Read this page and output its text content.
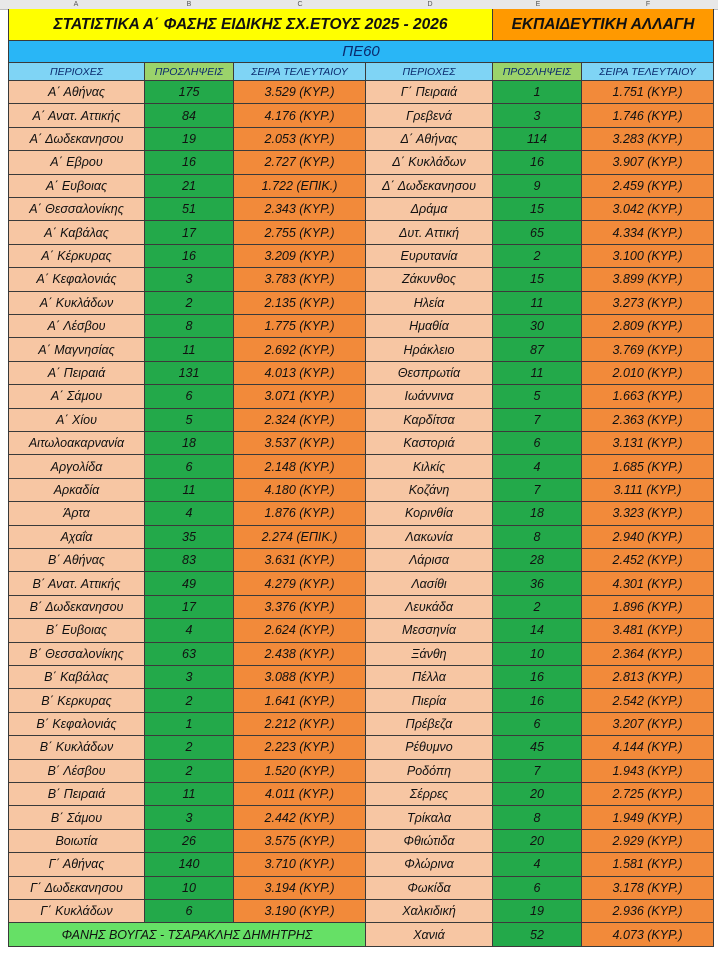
A	B	C	D	E	F
ΣΤΑΤΙΣΤΙΚΑ Α΄ ΦΑΣΗΣ ΕΙΔΙΚΗΣ ΣΧ.ΕΤΟΥΣ 2025 - 2026	ΕΚΠΑΙΔΕΥΤΙΚΗ ΑΛΛΑΓΗ
ΠΕ60
ΠΕΡΙΟΧΕΣ	ΠΡΟΣΛΗΨΕΙΣ	ΣΕΙΡΑ ΤΕΛΕΥΤΑΙΟΥ	ΠΕΡΙΟΧΕΣ	ΠΡΟΣΛΗΨΕΙΣ	ΣΕΙΡΑ ΤΕΛΕΥΤΑΙΟΥ
Α΄ Αθήνας	175	3.529 (ΚΥΡ.)	Γ΄ Πειραιά	1	1.751 (ΚΥΡ.)
Α΄ Ανατ. Αττικής	84	4.176 (ΚΥΡ.)	Γρεβενά	3	1.746 (ΚΥΡ.)
Α΄ Δωδεκανησου	19	2.053 (ΚΥΡ.)	Δ΄ Αθήνας	114	3.283 (ΚΥΡ.)
Α΄ Εβρου	16	2.727 (ΚΥΡ.)	Δ΄ Κυκλάδων	16	3.907 (ΚΥΡ.)
Α΄ Ευβοιας	21	1.722 (ΕΠΙΚ.)	Δ΄ Δωδεκανησου	9	2.459 (ΚΥΡ.)
Α΄ Θεσσαλονίκης	51	2.343 (ΚΥΡ.)	Δράμα	15	3.042 (ΚΥΡ.)
Α΄ Καβάλας	17	2.755 (ΚΥΡ.)	Δυτ. Αττική	65	4.334 (ΚΥΡ.)
Α΄ Κέρκυρας	16	3.209 (ΚΥΡ.)	Ευρυτανία	2	3.100 (ΚΥΡ.)
Α΄ Κεφαλονιάς	3	3.783 (ΚΥΡ.)	Ζάκυνθος	15	3.899 (ΚΥΡ.)
Α΄ Κυκλάδων	2	2.135 (ΚΥΡ.)	Ηλεία	11	3.273 (ΚΥΡ.)
Α΄ Λέσβου	8	1.775 (ΚΥΡ.)	Ημαθία	30	2.809 (ΚΥΡ.)
Α΄ Μαγνησίας	11	2.692 (ΚΥΡ.)	Ηράκλειο	87	3.769 (ΚΥΡ.)
Α΄ Πειραιά	131	4.013 (ΚΥΡ.)	Θεσπρωτία	11	2.010 (ΚΥΡ.)
Α΄ Σάμου	6	3.071 (ΚΥΡ.)	Ιωάννινα	5	1.663 (ΚΥΡ.)
Α΄ Χίου	5	2.324 (ΚΥΡ.)	Καρδίτσα	7	2.363 (ΚΥΡ.)
Αιτωλοακαρνανία	18	3.537 (ΚΥΡ.)	Καστοριά	6	3.131 (ΚΥΡ.)
Αργολίδα	6	2.148 (ΚΥΡ.)	Κιλκίς	4	1.685 (ΚΥΡ.)
Αρκαδία	11	4.180 (ΚΥΡ.)	Κοζάνη	7	3.111 (ΚΥΡ.)
Άρτα	4	1.876 (ΚΥΡ.)	Κορινθία	18	3.323 (ΚΥΡ.)
Αχαΐα	35	2.274 (ΕΠΙΚ.)	Λακωνία	8	2.940 (ΚΥΡ.)
Β΄ Αθήνας	83	3.631 (ΚΥΡ.)	Λάρισα	28	2.452 (ΚΥΡ.)
Β΄ Ανατ. Αττικής	49	4.279 (ΚΥΡ.)	Λασίθι	36	4.301 (ΚΥΡ.)
Β΄ Δωδεκανησου	17	3.376 (ΚΥΡ.)	Λευκάδα	2	1.896 (ΚΥΡ.)
Β΄ Ευβοιας	4	2.624 (ΚΥΡ.)	Μεσσηνία	14	3.481 (ΚΥΡ.)
Β΄ Θεσσαλονίκης	63	2.438 (ΚΥΡ.)	Ξάνθη	10	2.364 (ΚΥΡ.)
Β΄ Καβάλας	3	3.088 (ΚΥΡ.)	Πέλλα	16	2.813 (ΚΥΡ.)
Β΄ Κερκυρας	2	1.641 (ΚΥΡ.)	Πιερία	16	2.542 (ΚΥΡ.)
Β΄ Κεφαλονιάς	1	2.212 (ΚΥΡ.)	Πρέβεζα	6	3.207 (ΚΥΡ.)
Β΄ Κυκλάδων	2	2.223 (ΚΥΡ.)	Ρέθυμνο	45	4.144 (ΚΥΡ.)
Β΄ Λέσβου	2	1.520 (ΚΥΡ.)	Ροδόπη	7	1.943 (ΚΥΡ.)
Β΄ Πειραιά	11	4.011 (ΚΥΡ.)	Σέρρες	20	2.725 (ΚΥΡ.)
Β΄ Σάμου	3	2.442 (ΚΥΡ.)	Τρίκαλα	8	1.949 (ΚΥΡ.)
Βοιωτία	26	3.575 (ΚΥΡ.)	Φθιώτιδα	20	2.929 (ΚΥΡ.)
Γ΄ Αθήνας	140	3.710 (ΚΥΡ.)	Φλώρινα	4	1.581 (ΚΥΡ.)
Γ΄ Δωδεκανησου	10	3.194 (ΚΥΡ.)	Φωκίδα	6	3.178 (ΚΥΡ.)
Γ΄ Κυκλάδων	6	3.190 (ΚΥΡ.)	Χαλκιδική	19	2.936 (ΚΥΡ.)
ΦΑΝΗΣ ΒΟΥΓΑΣ - ΤΣΑΡΑΚΛΗΣ ΔΗΜΗΤΡΗΣ	Χανιά	52	4.073 (ΚΥΡ.)
